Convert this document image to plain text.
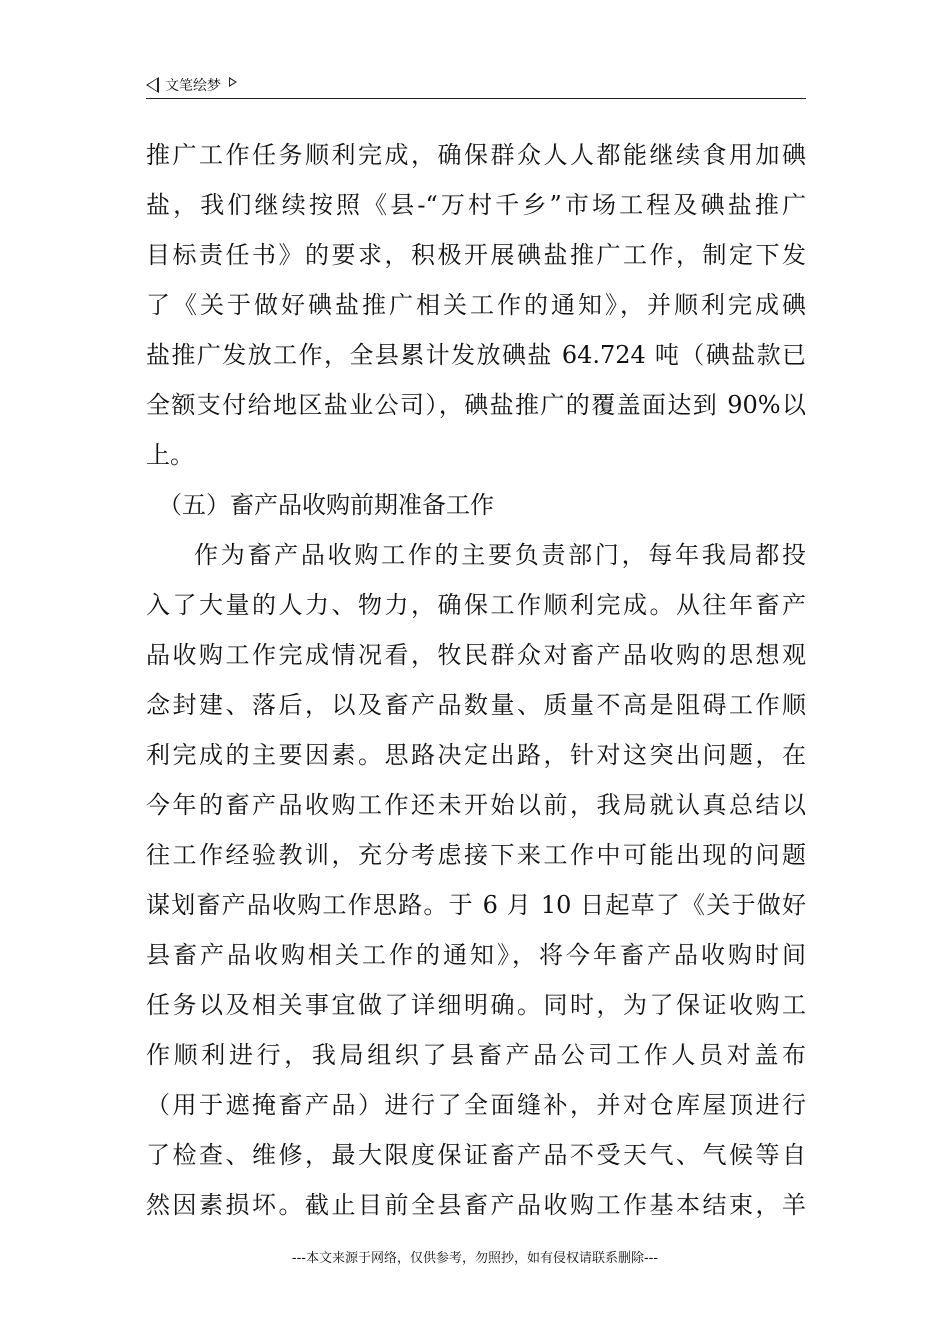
文笔绘梦
推广工作任务顺利完成，确保群众人人都能继续食用加碘
盐，我们继续按照《县-“万村千乡”市场工程及碘盐推广
目标责任书》的要求，积极开展碘盐推广工作，制定下发
了《关于做好碘盐推广相关工作的通知》，并顺利完成碘
盐推广发放工作，全县累计发放碘盐 64.724 吨（碘盐款已
全额支付给地区盐业公司），碘盐推广的覆盖面达到 90%以
上。
（五）畜产品收购前期准备工作
作为畜产品收购工作的主要负责部门，每年我局都投
入了大量的人力、物力，确保工作顺利完成。从往年畜产
品收购工作完成情况看，牧民群众对畜产品收购的思想观
念封建、落后，以及畜产品数量、质量不高是阻碍工作顺
利完成的主要因素。思路决定出路，针对这突出问题，在
今年的畜产品收购工作还未开始以前，我局就认真总结以
往工作经验教训，充分考虑接下来工作中可能出现的问题
谋划畜产品收购工作思路。于 6 月 10 日起草了《关于做好
县畜产品收购相关工作的通知》，将今年畜产品收购时间
任务以及相关事宜做了详细明确。同时，为了保证收购工
作顺利进行，我局组织了县畜产品公司工作人员对盖布
（用于遮掩畜产品）进行了全面缝补，并对仓库屋顶进行
了检查、维修，最大限度保证畜产品不受天气、气候等自
然因素损坏。截止目前全县畜产品收购工作基本结束，羊
---本文来源于网络，仅供参考，勿照抄，如有侵权请联系删除---
